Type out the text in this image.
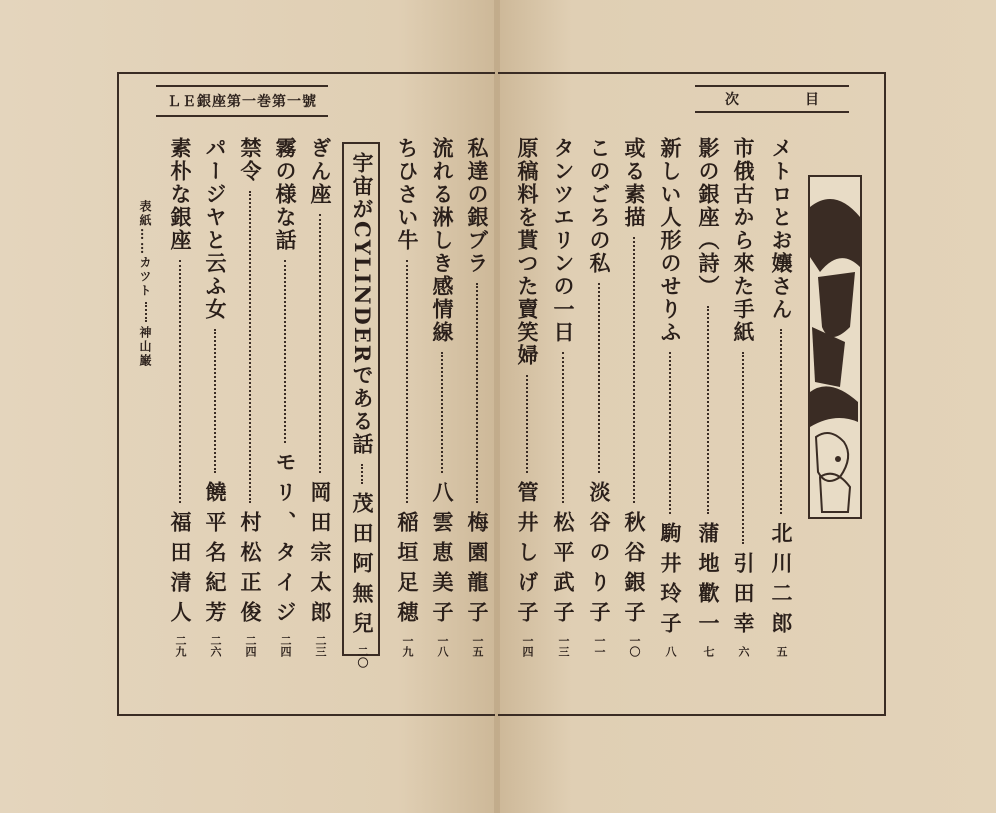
ＬＥ銀座第一巻第一號	次	目
メトロとお孃さん
北川二郎
五
市俄古から來た手紙
引田幸
六
影の銀座（詩）
蒲地歡一
七
新しい人形のせりふ
駒井玲子
八
或る素描
秋谷銀子
一〇
このごろの私
淡谷のり子
一一
タンツエリンの一日
松平武子
一三
原稿料を貰つた賣笑婦
管井しげ子
一四
私達の銀ブラ
梅園龍子
一五
流れる淋しき感情線
八雲恵美子
一八
ちひさい牛
稲垣足穂
一九
宇宙がCYLINDERである話
茂田阿無兒
二〇
ぎん座
岡田宗太郎
二三
霧の様な話
モリ、タイジ
二四
禁令
村松正俊
二四
パージヤと云ふ女
饒平名紀芳
二六
素朴な銀座
福田清人
二九
表紙……カツト
神山巌
